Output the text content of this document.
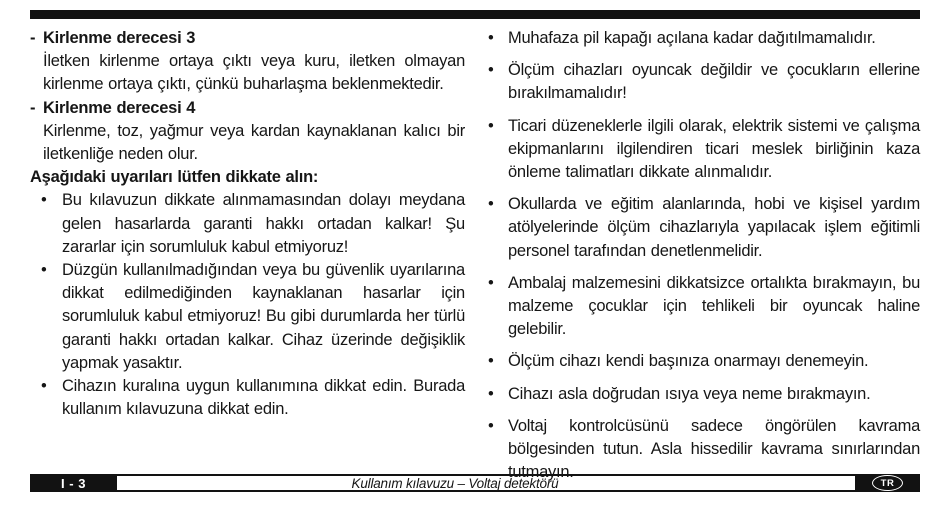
- Kirlenme derecesi 3
İletken kirlenme ortaya çıktı veya kuru, iletken olmayan kirlenme ortaya çıktı, çünkü buharlaşma beklenmektedir.
- Kirlenme derecesi 4
Kirlenme, toz, yağmur veya kardan kaynaklanan kalıcı bir iletkenliğe neden olur.
Aşağıdaki uyarıları lütfen dikkate alın:
• Bu kılavuzun dikkate alınmamasından dolayı meydana gelen hasarlarda garanti hakkı ortadan kalkar! Şu zararlar için sorumluluk kabul etmiyoruz!
• Düzgün kullanılmadığından veya bu güvenlik uyarılarına dikkat edilmediğinden kaynaklanan hasarlar için sorumluluk kabul etmiyoruz! Bu gibi durumlarda her türlü garanti hakkı ortadan kalkar. Cihaz üzerinde değişiklik yapmak yasaktır.
• Cihazın kuralına uygun kullanımına dikkat edin. Burada kullanım kılavuzuna dikkat edin.
• Muhafaza pil kapağı açılana kadar dağıtılmamalıdır.
• Ölçüm cihazları oyuncak değildir ve çocukların ellerine bırakılmamalıdır!
• Ticari düzeneklerle ilgili olarak, elektrik sistemi ve çalışma ekipmanlarını ilgilendiren ticari meslek birliğinin kaza önleme talimatları dikkate alınmalıdır.
• Okullarda ve eğitim alanlarında, hobi ve kişisel yardım atölyelerinde ölçüm cihazlarıyla yapılacak işlem eğitimli personel tarafından denetlenmelidir.
• Ambalaj malzemesini dikkatsizce ortalıkta bırakmayın, bu malzeme çocuklar için tehlikeli bir oyuncak haline gelebilir.
• Ölçüm cihazı kendi başınıza onarmayı denemeyin.
• Cihazı asla doğrudan ısıya veya neme bırakmayın.
• Voltaj kontrolcüsünü sadece öngörülen kavrama bölgesinden tutun. Asla hissedilir kavrama sınırlarından tutmayın.
I - 3	Kullanım kılavuzu – Voltaj detektörü	TR
